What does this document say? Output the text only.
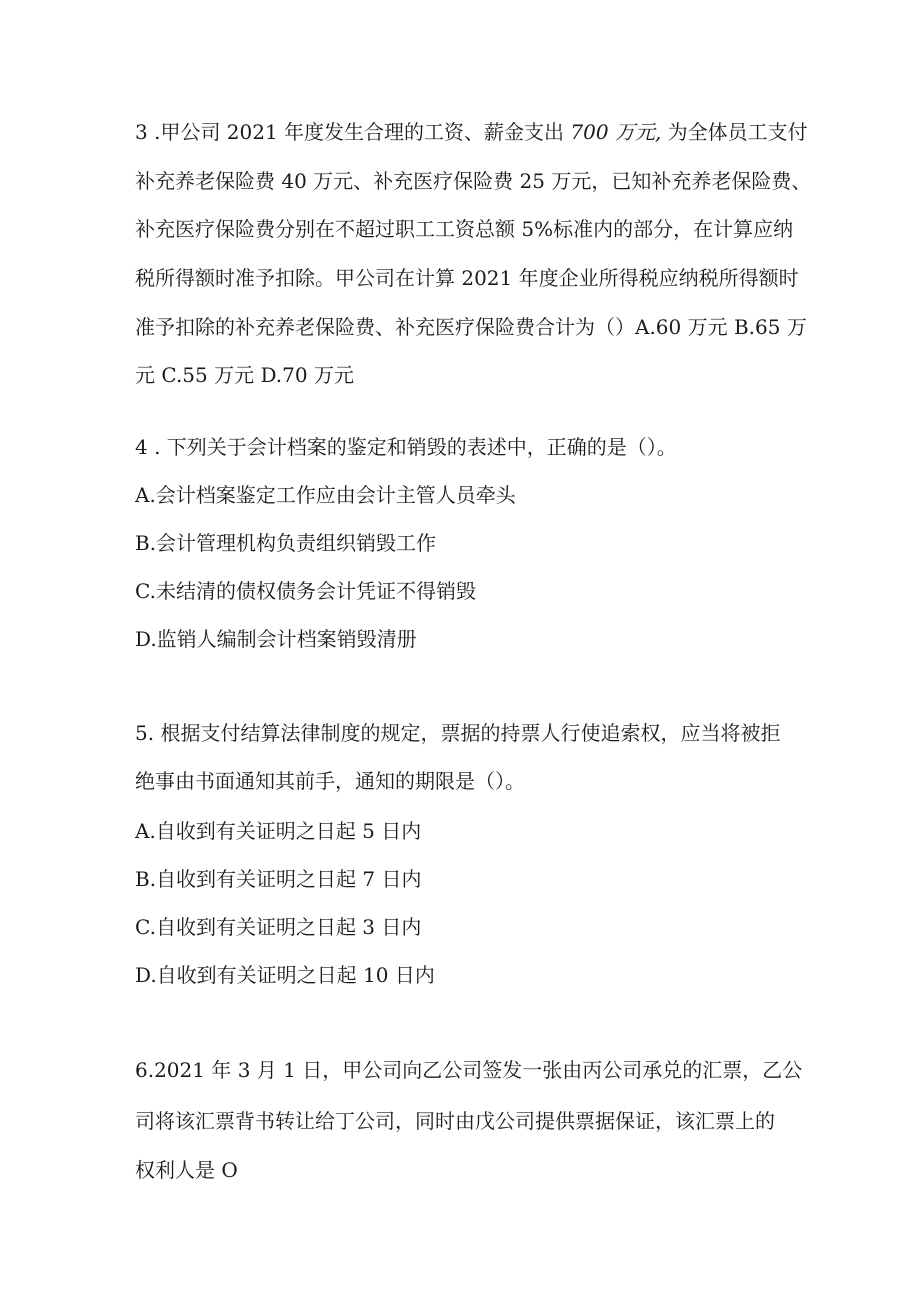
3 .甲公司 2021 年度发生合理的工资、薪金支出 700 万元, 为全体员工支付
补充养老保险费 40 万元、补充医疗保险费 25 万元，已知补充养老保险费、
补充医疗保险费分别在不超过职工工资总额 5%标准内的部分，在计算应纳
税所得额时准予扣除。甲公司在计算 2021 年度企业所得税应纳税所得额时
准予扣除的补充养老保险费、补充医疗保险费合计为（）A.60 万元 B.65 万
元 C.55 万元 D.70 万元
4 . 下列关于会计档案的鉴定和销毁的表述中，正确的是（）。
A.会计档案鉴定工作应由会计主管人员牵头
B.会计管理机构负责组织销毁工作
C.未结清的债权债务会计凭证不得销毁
D.监销人编制会计档案销毁清册
5. 根据支付结算法律制度的规定，票据的持票人行使追索权，应当将被拒
绝事由书面通知其前手，通知的期限是（）。
A.自收到有关证明之日起 5 日内
B.自收到有关证明之日起 7 日内
C.自收到有关证明之日起 3 日内
D.自收到有关证明之日起 10 日内
6.2021 年 3 月 1 日，甲公司向乙公司签发一张由丙公司承兑的汇票，乙公
司将该汇票背书转让给丁公司，同时由戊公司提供票据保证，该汇票上的
权利人是 O
